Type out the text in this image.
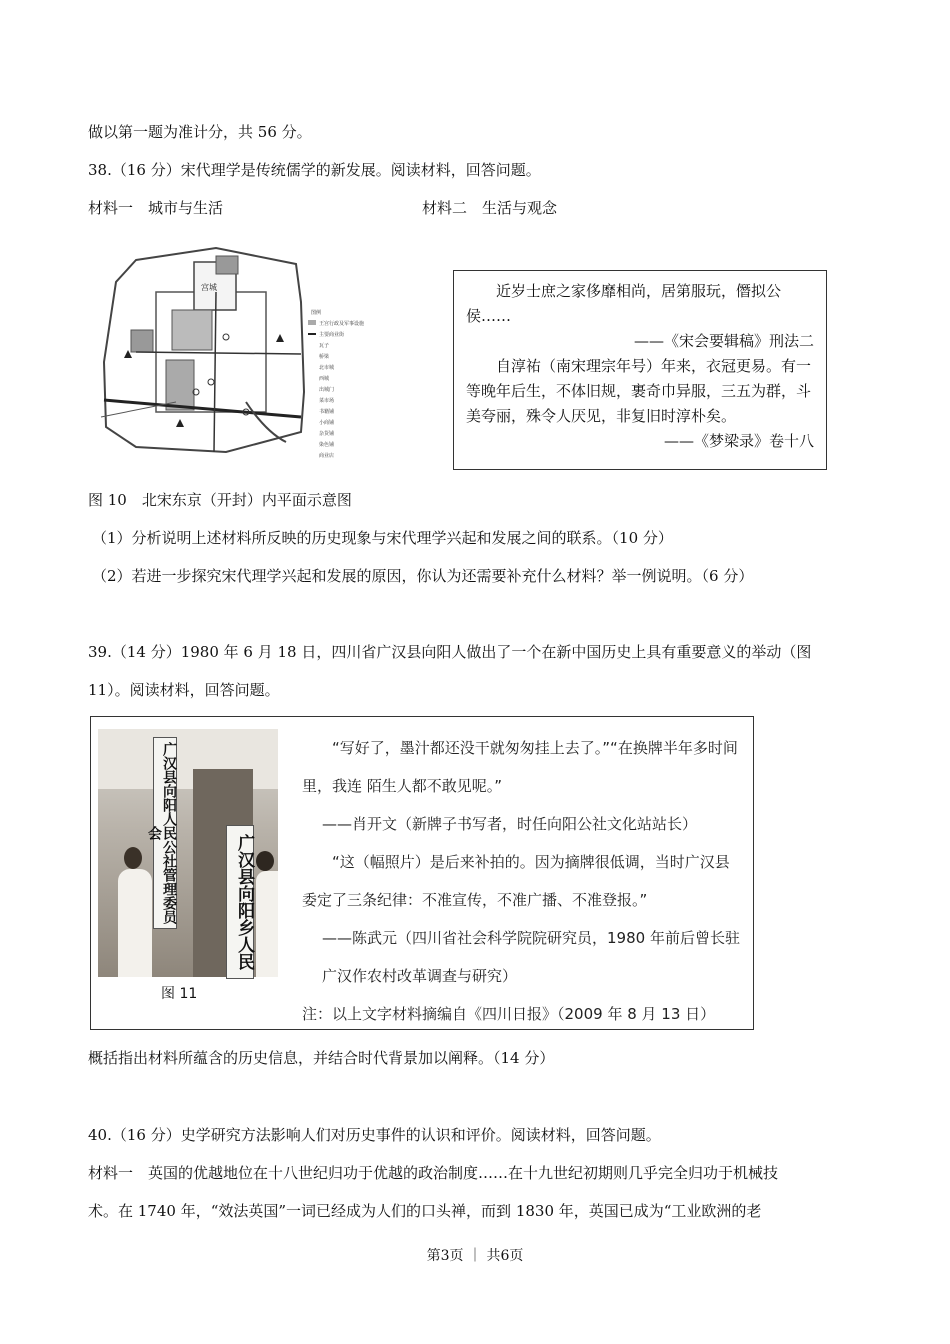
做以第一题为准计分，共 56 分。
38.（16 分）宋代理学是传统儒学的新发展。阅读材料，回答问题。
材料一　城市与生活	材料二　生活与观念
图例
王宫行政及军事设施
主要商业街
瓦子
桥梁
北市城
西城
出城门
菜市场
书籍铺
小商铺
杂货铺
染色铺
商业店
宫城	近岁士庶之家侈靡相尚，居第服玩，僭拟公侯……
——《宋会要辑稿》刑法二
自淳祐（南宋理宗年号）年来，衣冠更易。有一等晚年后生，不体旧规，裹奇巾异服，三五为群，斗美夸丽，殊令人厌见，非复旧时淳朴矣。
——《梦梁录》卷十八
图 10　北宋东京（开封）内平面示意图
（1）分析说明上述材料所反映的历史现象与宋代理学兴起和发展之间的联系。（10 分）
（2）若进一步探究宋代理学兴起和发展的原因，你认为还需要补充什么材料？举一例说明。（6 分）
39.（14 分）1980 年 6 月 18 日，四川省广汉县向阳人做出了一个在新中国历史上具有重要意义的举动（图
11）。阅读材料，回答问题。
广汉县向阳人民公社管理委员会
广汉县向阳乡人民
图 11
“写好了，墨汁都还没干就匆匆挂上去了。”“在换牌半年多时间里，我连 陌生人都不敢见呢。”
——肖开文（新牌子书写者，时任向阳公社文化站站长）
“这（幅照片）是后来补拍的。因为摘牌很低调，当时广汉县委定了三条纪律：不准宣传，不准广播、不准登报。”
——陈武元（四川省社会科学院院研究员，1980 年前后曾长驻广汉作农村改革调查与研究）
注：以上文字材料摘编自《四川日报》（2009 年 8 月 13 日）
概括指出材料所蕴含的历史信息，并结合时代背景加以阐释。（14 分）
40.（16 分）史学研究方法影响人们对历史事件的认识和评价。阅读材料，回答问题。
材料一　英国的优越地位在十八世纪归功于优越的政治制度……在十九世纪初期则几乎完全归功于机械技
术。在 1740 年，“效法英国”一词已经成为人们的口头禅，而到 1830 年，英国已成为“工业欧洲的老
第3页 ｜ 共6页
